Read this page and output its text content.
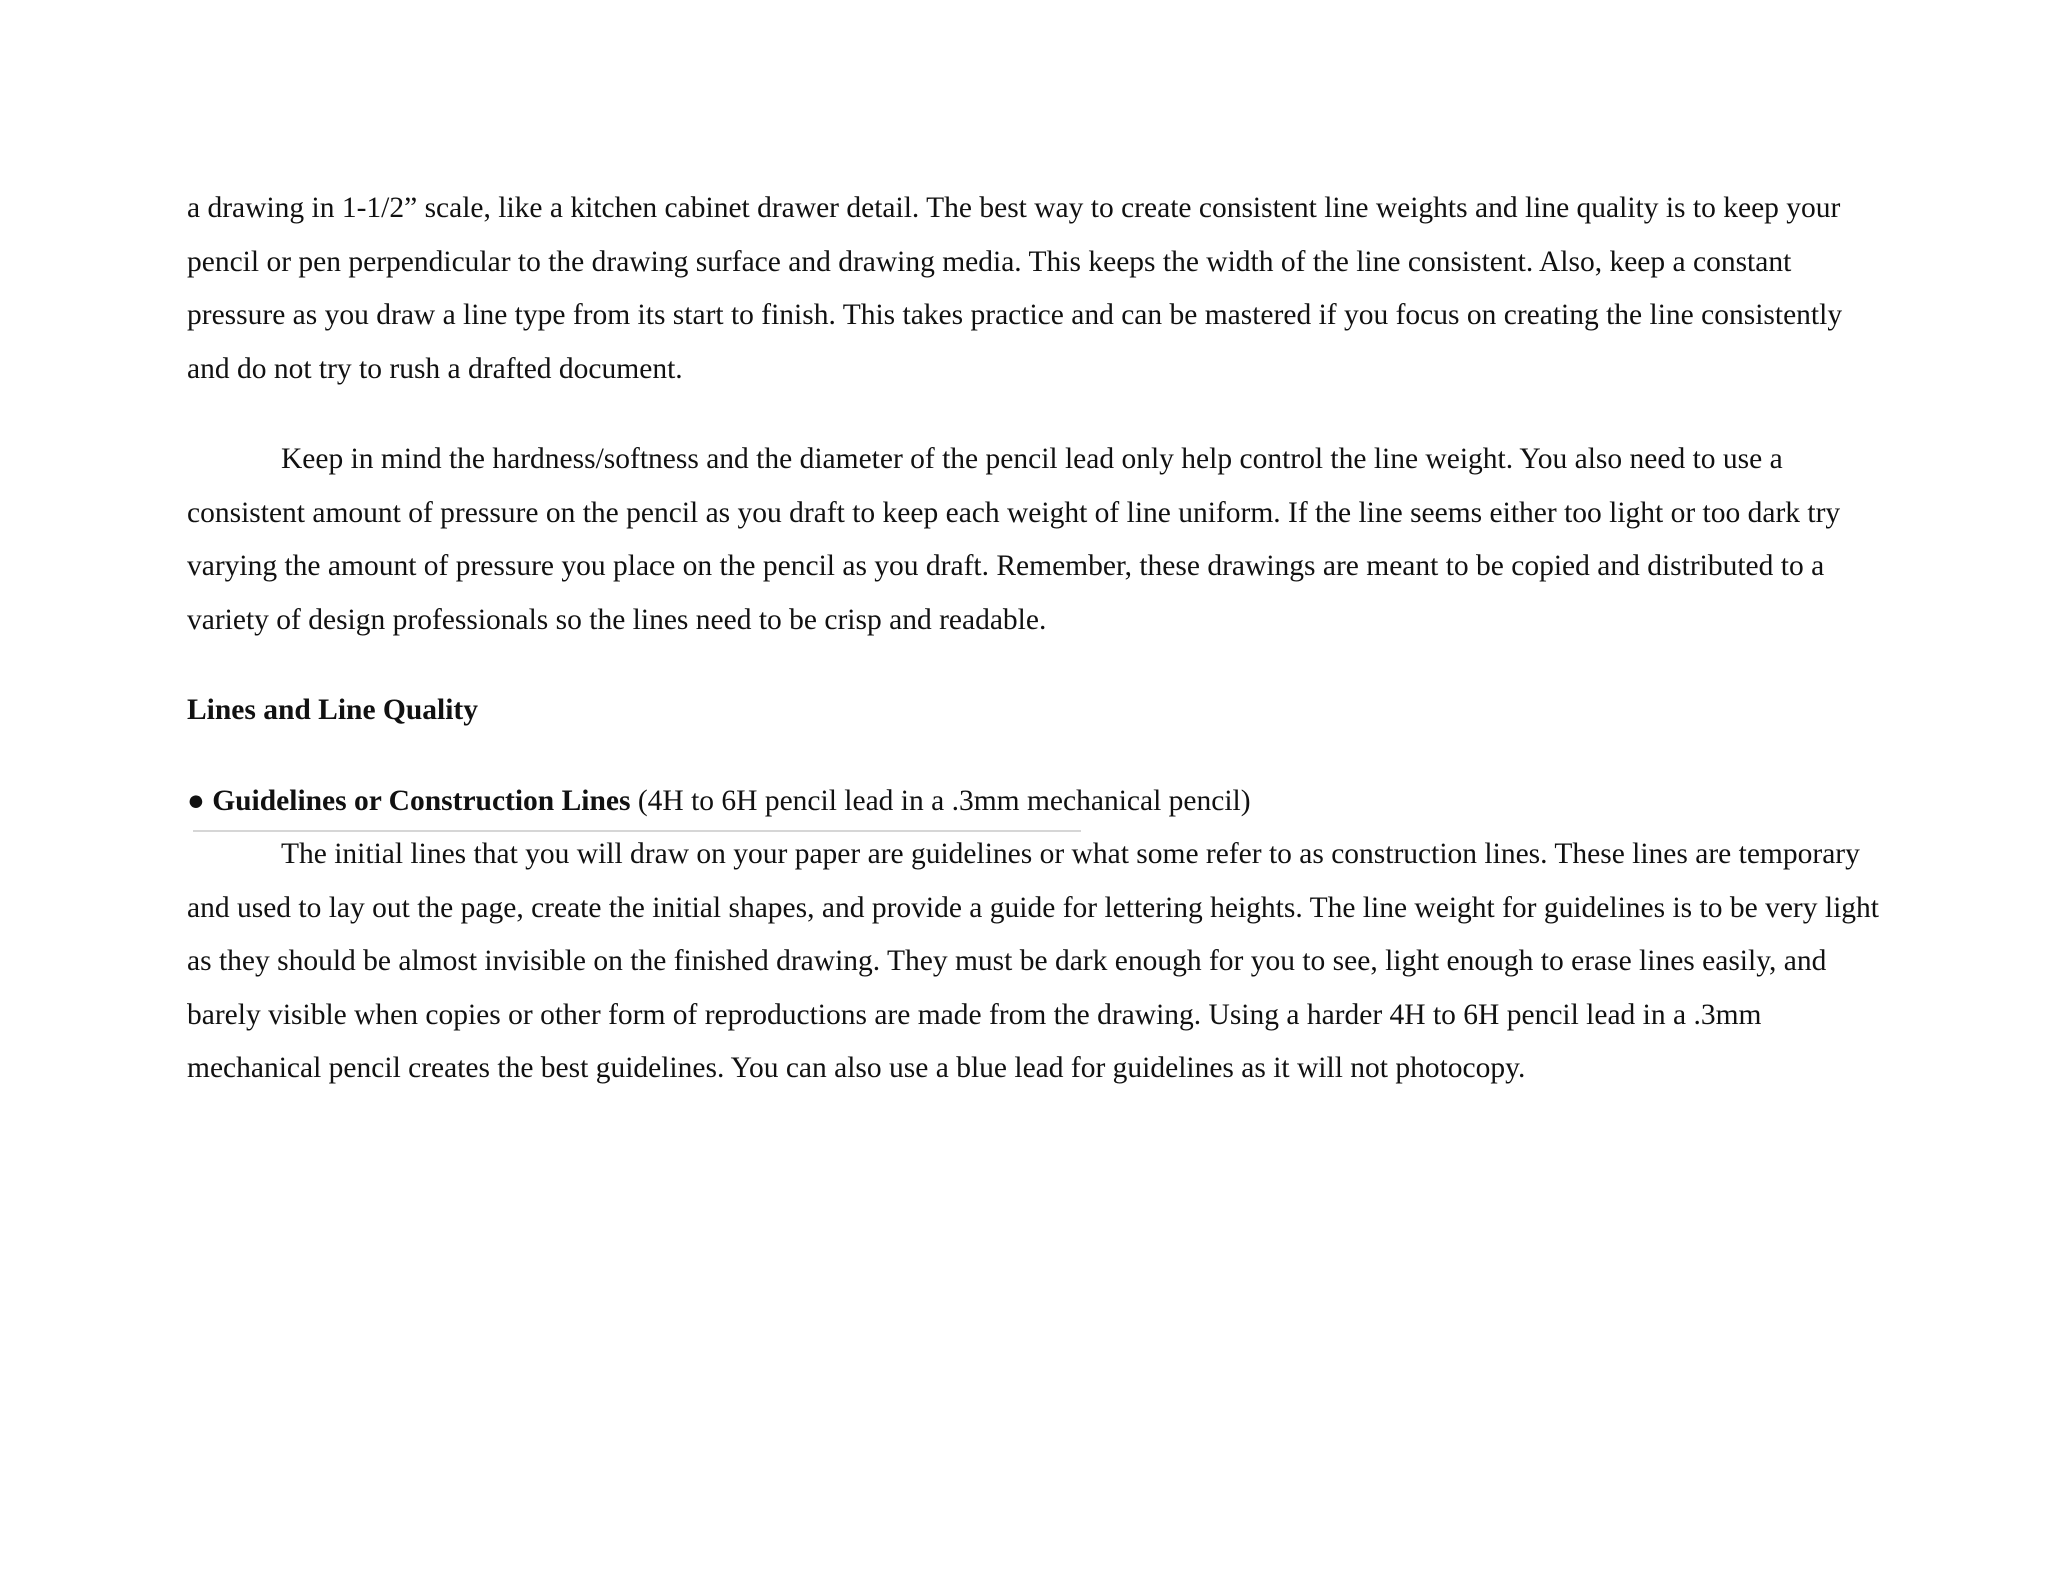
a drawing in 1-1/2” scale, like a kitchen cabinet drawer detail. The best way to create consistent line weights and line quality is to keep your pencil or pen perpendicular to the drawing surface and drawing media. This keeps the width of the line consistent. Also, keep a constant pressure as you draw a line type from its start to finish. This takes practice and can be mastered if you focus on creating the line consistently and do not try to rush a drafted document.

Keep in mind the hardness/softness and the diameter of the pencil lead only help control the line weight. You also need to use a consistent amount of pressure on the pencil as you draft to keep each weight of line uniform. If the line seems either too light or too dark try varying the amount of pressure you place on the pencil as you draft. Remember, these drawings are meant to be copied and distributed to a variety of design professionals so the lines need to be crisp and readable.

Lines and Line Quality

● Guidelines or Construction Lines (4H to 6H pencil lead in a .3mm mechanical pencil)

The initial lines that you will draw on your paper are guidelines or what some refer to as construction lines. These lines are temporary and used to lay out the page, create the initial shapes, and provide a guide for lettering heights. The line weight for guidelines is to be very light as they should be almost invisible on the finished drawing. They must be dark enough for you to see, light enough to erase lines easily, and barely visible when copies or other form of reproductions are made from the drawing. Using a harder 4H to 6H pencil lead in a .3mm mechanical pencil creates the best guidelines. You can also use a blue lead for guidelines as it will not photocopy.
